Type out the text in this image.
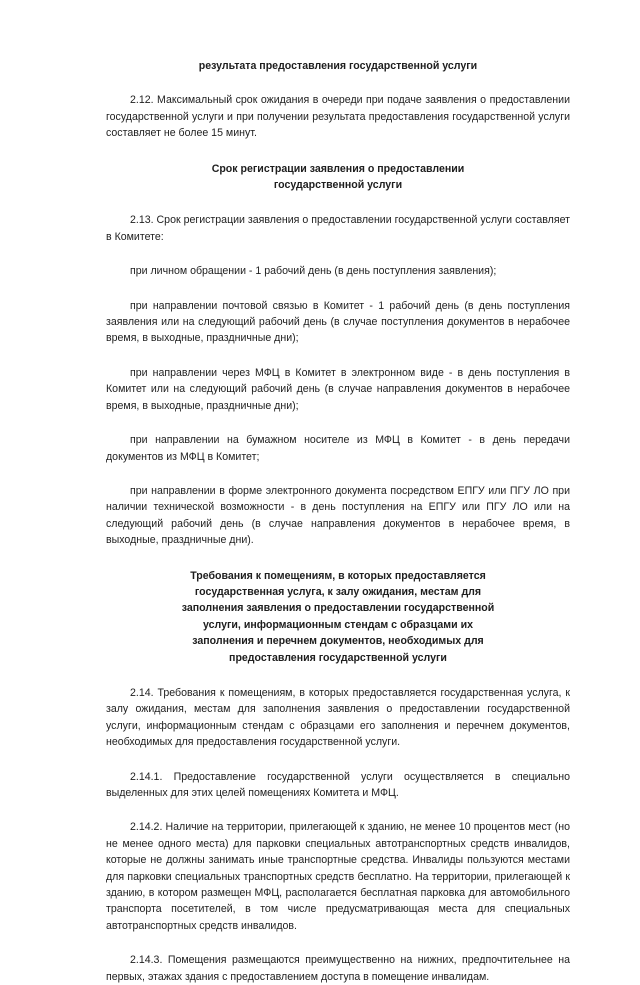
результата предоставления государственной услуги

2.12. Максимальный срок ожидания в очереди при подаче заявления о предоставлении государственной услуги и при получении результата предоставления государственной услуги составляет не более 15 минут.

Срок регистрации заявления о предоставлении государственной услуги

2.13. Срок регистрации заявления о предоставлении государственной услуги составляет в Комитете:

при личном обращении - 1 рабочий день (в день поступления заявления);

при направлении почтовой связью в Комитет - 1 рабочий день (в день поступления заявления или на следующий рабочий день (в случае поступления документов в нерабочее время, в выходные, праздничные дни);

при направлении через МФЦ в Комитет в электронном виде - в день поступления в Комитет или на следующий рабочий день (в случае направления документов в нерабочее время, в выходные, праздничные дни);

при направлении на бумажном носителе из МФЦ в Комитет - в день передачи документов из МФЦ в Комитет;

при направлении в форме электронного документа посредством ЕПГУ или ПГУ ЛО при наличии технической возможности - в день поступления на ЕПГУ или ПГУ ЛО или на следующий рабочий день (в случае направления документов в нерабочее время, в выходные, праздничные дни).

Требования к помещениям, в которых предоставляется государственная услуга, к залу ожидания, местам для заполнения заявления о предоставлении государственной услуги, информационным стендам с образцами их заполнения и перечнем документов, необходимых для предоставления государственной услуги

2.14. Требования к помещениям, в которых предоставляется государственная услуга, к залу ожидания, местам для заполнения заявления о предоставлении государственной услуги, информационным стендам с образцами его заполнения и перечнем документов, необходимых для предоставления государственной услуги.

2.14.1. Предоставление государственной услуги осуществляется в специально выделенных для этих целей помещениях Комитета и МФЦ.

2.14.2. Наличие на территории, прилегающей к зданию, не менее 10 процентов мест (но не менее одного места) для парковки специальных автотранспортных средств инвалидов, которые не должны занимать иные транспортные средства. Инвалиды пользуются местами для парковки специальных транспортных средств бесплатно. На территории, прилегающей к зданию, в котором размещен МФЦ, располагается бесплатная парковка для автомобильного транспорта посетителей, в том числе предусматривающая места для специальных автотранспортных средств инвалидов.

2.14.3. Помещения размещаются преимущественно на нижних, предпочтительнее на первых, этажах здания с предоставлением доступа в помещение инвалидам.
